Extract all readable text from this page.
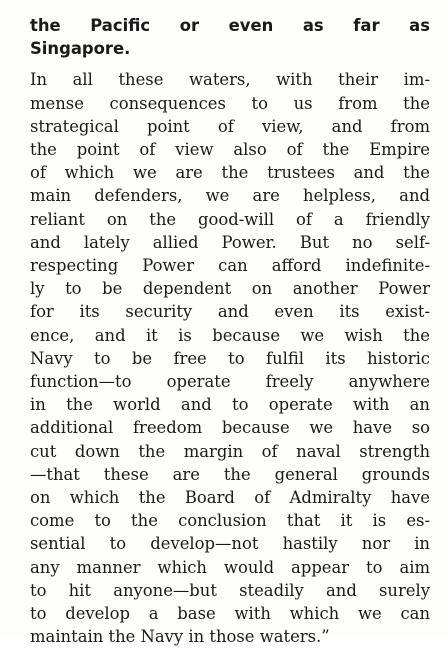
the Pacific or even as far as
Singapore.
In all these waters, with their im-
mense consequences to us from the
strategical point of view, and from
the point of view also of the Empire
of which we are the trustees and the
main defenders, we are helpless, and
reliant on the good-will of a friendly
and lately allied Power. But no self-
respecting Power can afford indefinite-
ly to be dependent on another Power
for its security and even its exist-
ence, and it is because we wish the
Navy to be free to fulfil its historic
function—to operate freely anywhere
in the world and to operate with an
additional freedom because we have so
cut down the margin of naval strength
—that these are the general grounds
on which the Board of Admiralty have
come to the conclusion that it is es-
sential to develop—not hastily nor in
any manner which would appear to aim
to hit anyone—but steadily and surely
to develop a base with which we can
maintain the Navy in those waters.”
